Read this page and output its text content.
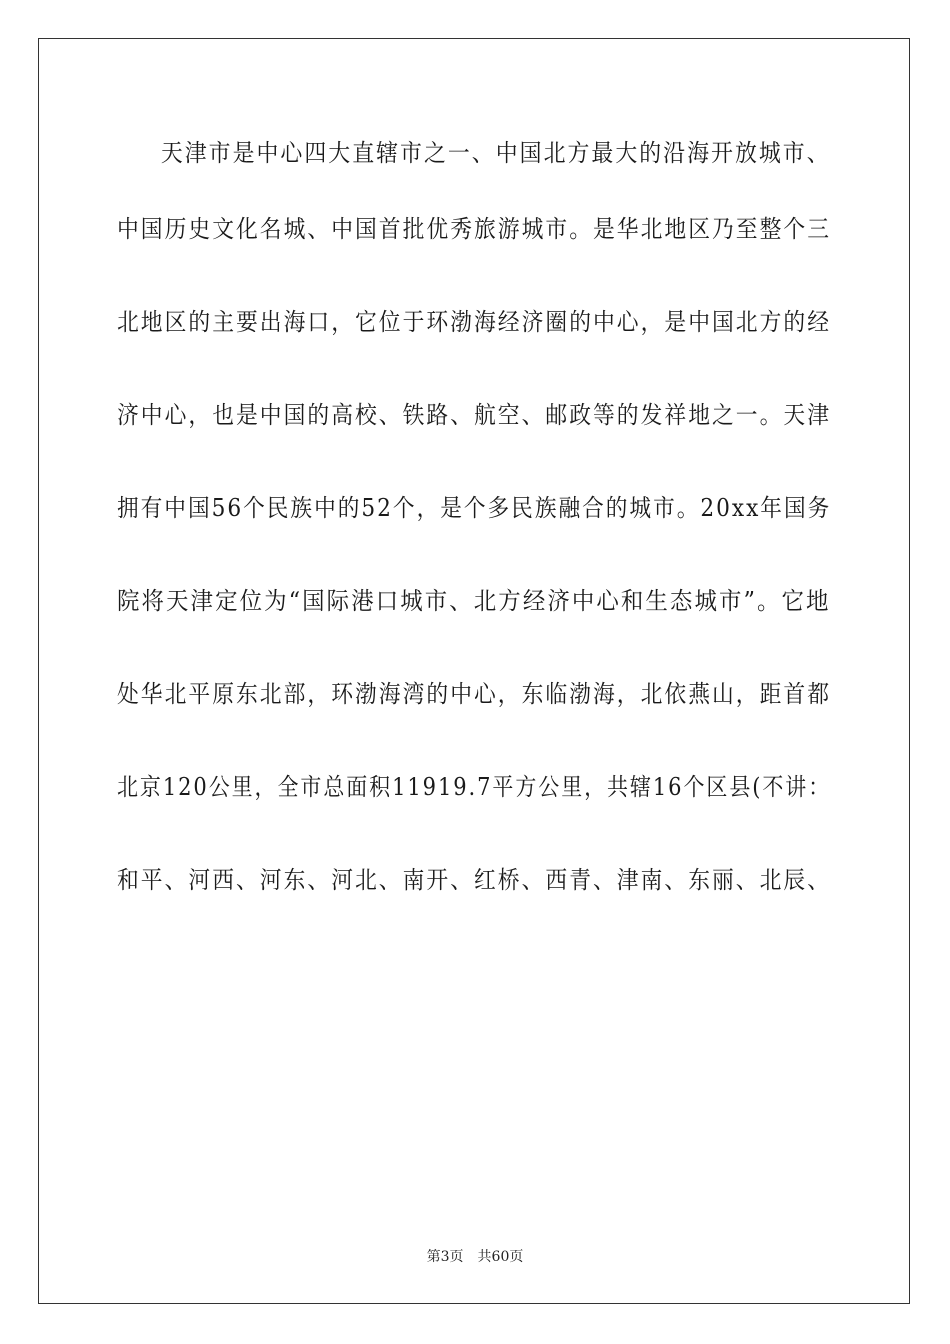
天津市是中心四大直辖市之一、中国北方最大的沿海开放城市、

中国历史文化名城、中国首批优秀旅游城市。是华北地区乃至整个三

北地区的主要出海口，它位于环渤海经济圈的中心，是中国北方的经

济中心，也是中国的高校、铁路、航空、邮政等的发祥地之一。天津

拥有中国56个民族中的52个，是个多民族融合的城市。20xx年国务

院将天津定位为“国际港口城市、北方经济中心和生态城市”。它地

处华北平原东北部，环渤海湾的中心，东临渤海，北依燕山，距首都

北京120公里，全市总面积11919.7平方公里，共辖16个区县(不讲：

和平、河西、河东、河北、南开、红桥、西青、津南、东丽、北辰、

第3页 共60页
